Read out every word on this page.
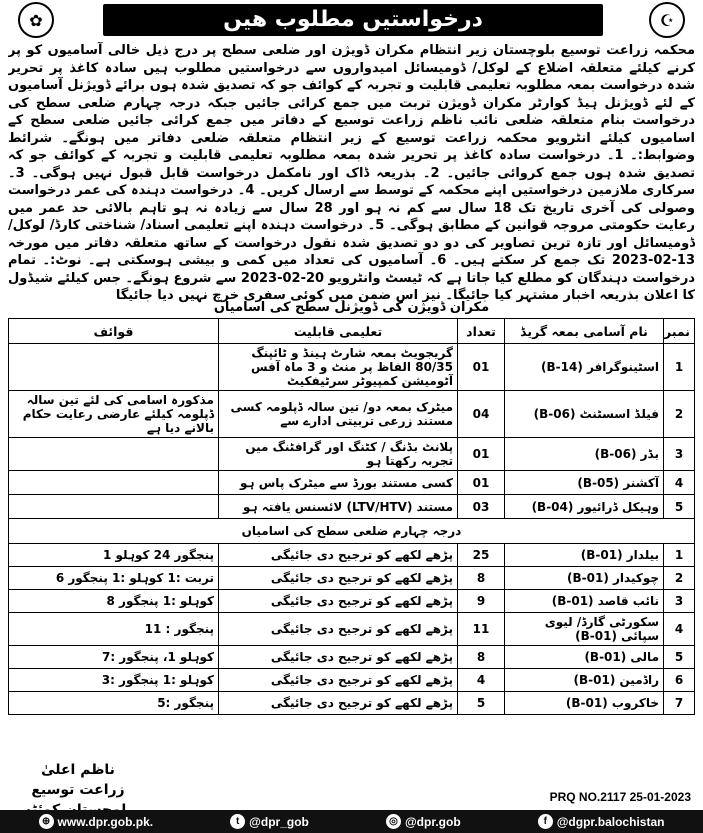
✿	درخواستیں مطلوب ھیں	☪

محکمہ زراعت توسیع بلوچستان زیر انتظام مکران ڈویژن اور ضلعی سطح پر درج ذیل خالی آسامیوں کو پر کرنے کیلئے متعلقہ اضلاع کے لوکل/ ڈومیسائل امیدواروں سے درخواستیں مطلوب ہیں سادہ کاغذ پر تحریر شدہ درخواست بمعہ مطلوبہ تعلیمی قابلیت و تجربہ کے کوائف جو کہ تصدیق شدہ ہوں برائے ڈویژنل آسامیوں کے لئے ڈویژنل ہیڈ کوارٹر مکران ڈویژن تربت میں جمع کرائی جائیں جبکہ درجہ چہارم ضلعی سطح کی درخواست بنام متعلقہ ضلعی نائب ناظم زراعت توسیع کے دفاتر میں جمع کرائی جائیں ضلعی سطح کے اسامیوں کیلئے انٹرویو محکمہ زراعت توسیع کے زیر انتظام متعلقہ ضلعی دفاتر میں ہونگے۔ شرائط وضوابط:۔ 1۔ درخواست سادہ کاغذ پر تحریر شدہ بمعہ مطلوبہ تعلیمی قابلیت و تجربہ کے کوائف جو کہ تصدیق شدہ ہوں جمع کروائی جائیں۔ 2۔ بذریعہ ڈاک اور نامکمل درخواست قابل قبول نہیں ہوگی۔ 3۔ سرکاری ملازمین درخواستیں اپنے محکمہ کے توسط سے ارسال کریں۔ 4۔ درخواست دہندہ کی عمر درخواست وصولی کی آخری تاریخ تک 18 سال سے کم نہ ہو اور 28 سال سے زیادہ نہ ہو تاہم بالائی حد عمر میں رعایت حکومتی مروجہ قوانین کے مطابق ہوگی۔ 5۔ درخواست دہندہ اپنے تعلیمی اسناد/ شناختی کارڈ/ لوکل/ ڈومیسائل اور تازہ ترین تصاویر کی دو دو تصدیق شدہ نقول درخواست کے ساتھ متعلقہ دفاتر میں مورخہ 13-02-2023 تک جمع کر سکتے ہیں۔ 6۔ آسامیوں کی تعداد میں کمی و بیشی ہوسکتی ہے۔ نوٹ:۔ تمام درخواست دہندگان کو مطلع کیا جاتا ہے کہ ٹیسٹ وانٹرویو 20-02-2023 سے شروع ہونگے۔ جس کیلئے شیڈول کا اعلان بذریعہ اخبار مشتہر کیا جائیگا۔ نیز اس ضمن میں کوئی سفری خرچ نہیں دیا جائیگا

مکران ڈویژن کی ڈویژنل سطح کی اسامیاں
نمبر	نام آسامی بمعہ گریڈ	تعداد	تعلیمی قابلیت	قوائف
1	اسٹینوگرافر (B-14)	01	گریجویٹ بمعہ شارٹ ہینڈ و ٹائپنگ 80/35 الفاظ پر منٹ و 3 ماہ آفس آٹومیشن کمپیوٹر سرٹیفکیٹ	
2	فیلڈ اسسٹنٹ (B-06)	04	میٹرک بمعہ دو/ تین سالہ ڈپلومہ کسی مستند زرعی تربیتی ادارے سے	مذکورہ اسامی کی لئے تین سالہ ڈپلومہ کیلئے عارضی رعایت حکام بالانے دیا ہے
3	بڈر (B-06)	01	پلانٹ بڈنگ / کٹنگ اور گرافٹنگ میں تجربہ رکھتا ہو	
4	آکشنر (B-05)	01	کسی مستند بورڈ سے میٹرک پاس ہو	
5	وہیکل ڈرائیور (B-04)	03	مستند (LTV/HTV) لائسنس یافتہ ہو	
درجہ چہارم ضلعی سطح کی اسامیاں				
1	بیلدار (B-01)	25	پڑھے لکھے کو ترجیح دی جائیگی	پنجگور 24 کوہلو 1
2	چوکیدار (B-01)	8	پڑھے لکھے کو ترجیح دی جائیگی	تربت :1 کوہلو :1 پنجگور 6
3	نائب قاصد (B-01)	9	پڑھے لکھے کو ترجیح دی جائیگی	کوہلو :1 پنجگور 8
4	سکورٹی گارڈ/ لیوی سپائی (B-01)	11	پڑھے لکھے کو ترجیح دی جائیگی	پنجگور : 11
5	مالی (B-01)	8	پڑھے لکھے کو ترجیح دی جائیگی	کوہلو 1، پنجگور :7
6	راڈمین (B-01)	4	پڑھے لکھے کو ترجیح دی جائیگی	کوہلو :1 پنجگور :3
7	خاکروب (B-01)	5	پڑھے لکھے کو ترجیح دی جائیگی	پنجگور :5
ناظم اعلیٰ
زراعت توسیع	PRQ NO.2117 25-01-2023
⊕ www.dpr.gob.pk.	t @dpr_gob	◎ @dpr.gob	f @dgpr.balochistan
